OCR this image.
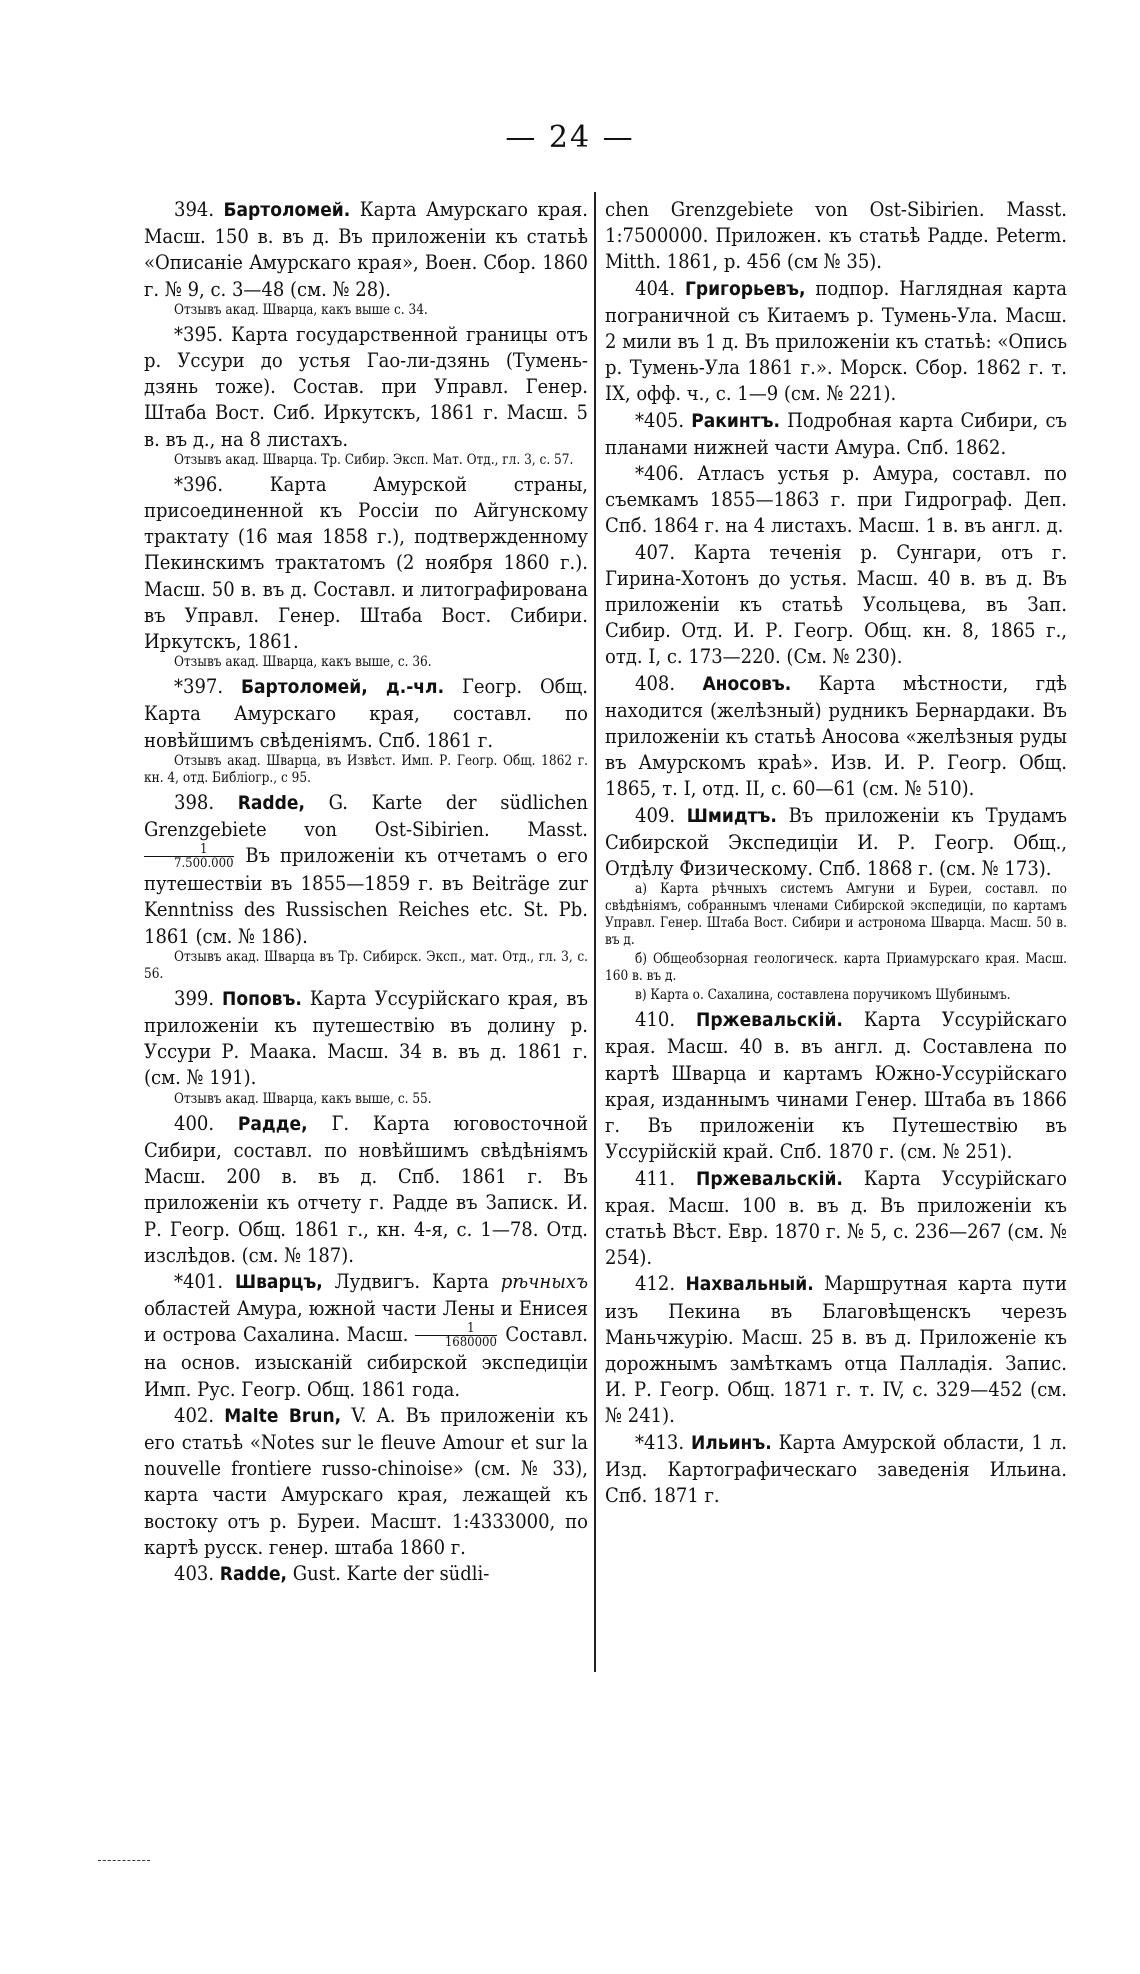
— 24 —

394. Бартоломей. Карта Амурскаго края. Масш. 150 в. въ д. Въ приложеніи къ статьѣ «Описаніе Амурскаго края», Воен. Сбор. 1860 г. № 9, с. 3—48 (см. № 28).

Отзывъ акад. Шварца, какъ выше с. 34.

*395. Карта государственной границы отъ р. Уссури до устья Гао-ли-дзянь (Тумень-дзянь тоже). Состав. при Управл. Генер. Штаба Вост. Сиб. Иркутскъ, 1861 г. Масш. 5 в. въ д., на 8 листахъ.

Отзывъ акад. Шварца. Тр. Сибир. Эксп. Мат. Отд., гл. 3, с. 57.

*396. Карта Амурской страны, присоединенной къ Россіи по Айгунскому трактату (16 мая 1858 г.), подтвержденному Пекинскимъ трактатомъ (2 ноября 1860 г.). Масш. 50 в. въ д. Составл. и литографирована въ Управл. Генер. Штаба Вост. Сибири. Иркутскъ, 1861.

Отзывъ акад. Шварца, какъ выше, с. 36.

*397. Бартоломей, д.-чл. Геогр. Общ. Карта Амурскаго края, составл. по новѣйшимъ свѣденіямъ. Спб. 1861 г.

Отзывъ акад. Шварца, въ Извѣст. Имп. Р. Геогр. Общ. 1862 г. кн. 4, отд. Библіогр., с 95.

398. Radde, G. Karte der südlichen Grenzgebiete von Ost-Sibirien. Masst.
$\frac{1}{7.500.000}$ Въ приложеніи къ отчетамъ о его путешествіи въ 1855—1859 г. въ Beiträge zur Kenntniss des Russischen Reiches etc. St. Pb. 1861 (см. № 186).

Отзывъ акад. Шварца въ Тр. Сибирск. Эксп., мат. Отд., гл. 3, с. 56.

399. Поповъ. Карта Уссурійскаго края, въ приложеніи къ путешествію въ долину р. Уссури Р. Маака. Масш. 34 в. въ д. 1861 г. (см. № 191).

Отзывъ акад. Шварца, какъ выше, с. 55.

400. Радде, Г. Карта юговосточной Сибири, составл. по новѣйшимъ свѣдѣніямъ Масш. 200 в. въ д. Спб. 1861 г. Въ приложеніи къ отчету г. Радде въ Записк. И. Р. Геогр. Общ. 1861 г., кн. 4-я, с. 1—78. Отд. изслѣдов. (см. № 187).

*401. Шварцъ, Лудвигъ. Карта рѣчныхъ областей Амура, южной части Лены и Енисея и острова Сахалина. Масш. $\frac{1}{1680000}$ Составл. на основ. изысканій сибирской экспедиціи Имп. Рус. Геогр. Общ. 1861 года.

402. Malte Brun, V. A. Въ приложеніи къ его статьѣ «Notes sur le fleuve Amour et sur la nouvelle frontiere russo-chinoise» (см. № 33), карта части Амурскаго края, лежащей къ востоку отъ р. Буреи. Масшт. 1:4333000, по картѣ русск. генер. штаба 1860 г.

403. Radde, Gust. Karte der südli-

chen Grenzgebiete von Ost-Sibirien. Masst. 1:7500000. Приложен. къ статьѣ Радде. Peterm. Mitth. 1861, р. 456 (см № 35).

404. Григорьевъ, подпор. Наглядная карта пограничной съ Китаемъ р. Тумень-Ула. Масш. 2 мили въ 1 д. Въ приложеніи къ статьѣ: «Опись р. Тумень-Ула 1861 г.». Морск. Сбор. 1862 г. т. IX, офф. ч., с. 1—9 (см. № 221).

*405. Ракинтъ. Подробная карта Сибири, съ планами нижней части Амура. Спб. 1862.

*406. Атласъ устья р. Амура, составл. по съемкамъ 1855—1863 г. при Гидрограф. Деп. Спб. 1864 г. на 4 листахъ. Масш. 1 в. въ англ. д.

407. Карта теченія р. Сунгари, отъ г. Гирина-Хотонъ до устья. Масш. 40 в. въ д. Въ приложеніи къ статьѣ Усольцева, въ Зап. Сибир. Отд. И. Р. Геогр. Общ. кн. 8, 1865 г., отд. I, с. 173—220. (См. № 230).

408. Аносовъ. Карта мѣстности, гдѣ находится (желѣзный) рудникъ Бернардаки. Въ приложеніи къ статьѣ Аносова «желѣзныя руды въ Амурскомъ краѣ». Изв. И. Р. Геогр. Общ. 1865, т. I, отд. II, с. 60—61 (см. № 510).

409. Шмидтъ. Въ приложеніи къ Трудамъ Сибирской Экспедиціи И. Р. Геогр. Общ., Отдѣлу Физическому. Спб. 1868 г. (см. № 173).

а) Карта рѣчныхъ системъ Амгуни и Буреи, составл. по свѣдѣніямъ, собраннымъ членами Сибирской экспедиціи, по картамъ Управл. Генер. Штаба Вост. Сибири и астронома Шварца. Масш. 50 в. въ д.

б) Общеобзорная геологическ. карта Приамурскаго края. Масш. 160 в. въ д.

в) Карта о. Сахалина, составлена поручикомъ Шубинымъ.

410. Пржевальскій. Карта Уссурійскаго края. Масш. 40 в. въ англ. д. Составлена по картѣ Шварца и картамъ Южно-Уссурійскаго края, изданнымъ чинами Генер. Штаба въ 1866 г. Въ приложеніи къ Путешествію въ Уссурійскій край. Спб. 1870 г. (см. № 251).

411. Пржевальскій. Карта Уссурійскаго края. Масш. 100 в. въ д. Въ приложеніи къ статьѣ Вѣст. Евр. 1870 г. № 5, с. 236—267 (см. № 254).

412. Нахвальный. Маршрутная карта пути изъ Пекина въ Благовѣщенскъ черезъ Маньчжурію. Масш. 25 в. въ д. Приложеніе къ дорожнымъ замѣткамъ отца Палладія. Запис. И. Р. Геогр. Общ. 1871 г. т. IV, с. 329—452 (см. № 241).

*413. Ильинъ. Карта Амурской области, 1 л. Изд. Картографическаго заведенія Ильина. Спб. 1871 г.
